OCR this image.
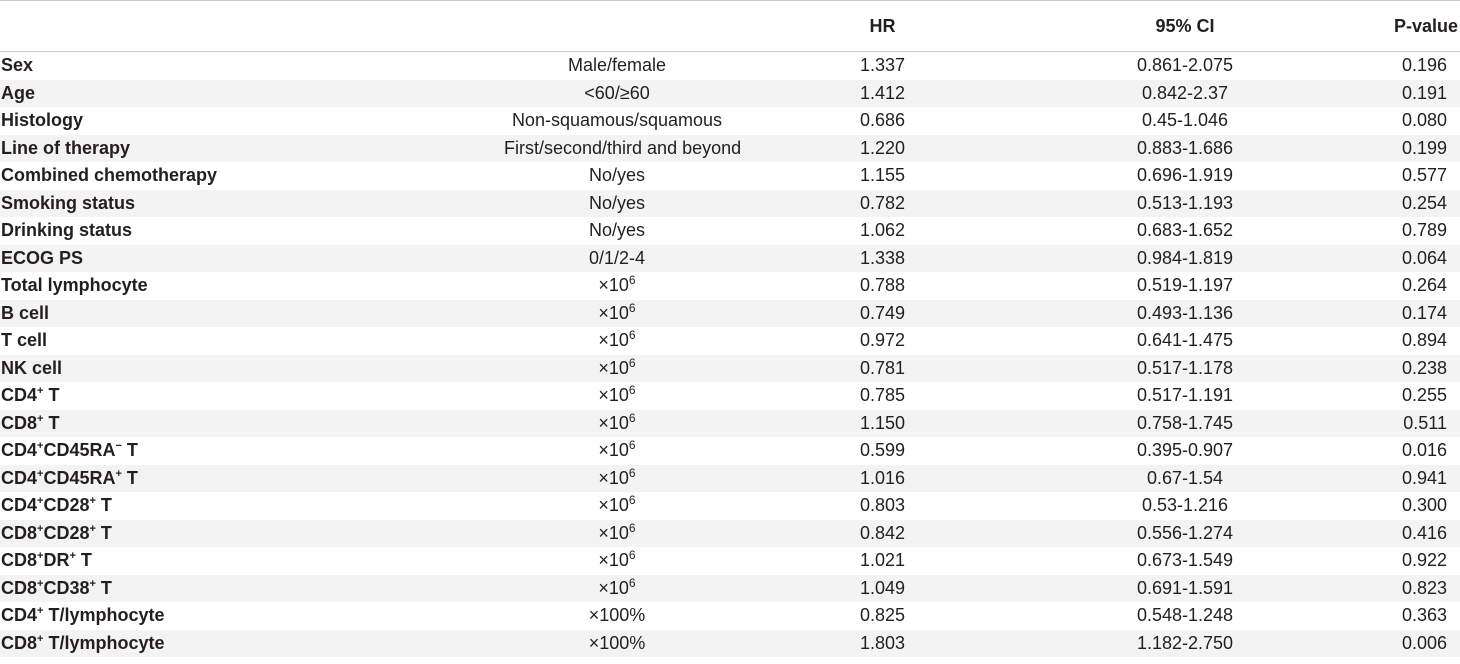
		HR	95% CI	P-value
Sex	Male/female	1.337	0.861-2.075	0.196
Age	<60/≥60	1.412	0.842-2.37	0.191
Histology	Non-squamous/squamous	0.686	0.45-1.046	0.080
Line of therapy	First/second/third and beyond	1.220	0.883-1.686	0.199
Combined chemotherapy	No/yes	1.155	0.696-1.919	0.577
Smoking status	No/yes	0.782	0.513-1.193	0.254
Drinking status	No/yes	1.062	0.683-1.652	0.789
ECOG PS	0/1/2-4	1.338	0.984-1.819	0.064
Total lymphocyte	$\times 10^6$	0.788	0.519-1.197	0.264
B cell	$\times 10^6$	0.749	0.493-1.136	0.174
T cell	$\times 10^6$	0.972	0.641-1.475	0.894
NK cell	$\times 10^6$	0.781	0.517-1.178	0.238
CD4+ T	$\times 10^6$	0.785	0.517-1.191	0.255
CD8+ T	$\times 10^6$	1.150	0.758-1.745	0.511
CD4+CD45RA− T	$\times 10^6$	0.599	0.395-0.907	0.016
CD4+CD45RA+ T	$\times 10^6$	1.016	0.67-1.54	0.941
CD4+CD28+ T	$\times 10^6$	0.803	0.53-1.216	0.300
CD8+CD28+ T	$\times 10^6$	0.842	0.556-1.274	0.416
CD8+DR+ T	$\times 10^6$	1.021	0.673-1.549	0.922
CD8+CD38+ T	$\times 10^6$	1.049	0.691-1.591	0.823
CD4+ T/lymphocyte	×100%	0.825	0.548-1.248	0.363
CD8+ T/lymphocyte	×100%	1.803	1.182-2.750	0.006
